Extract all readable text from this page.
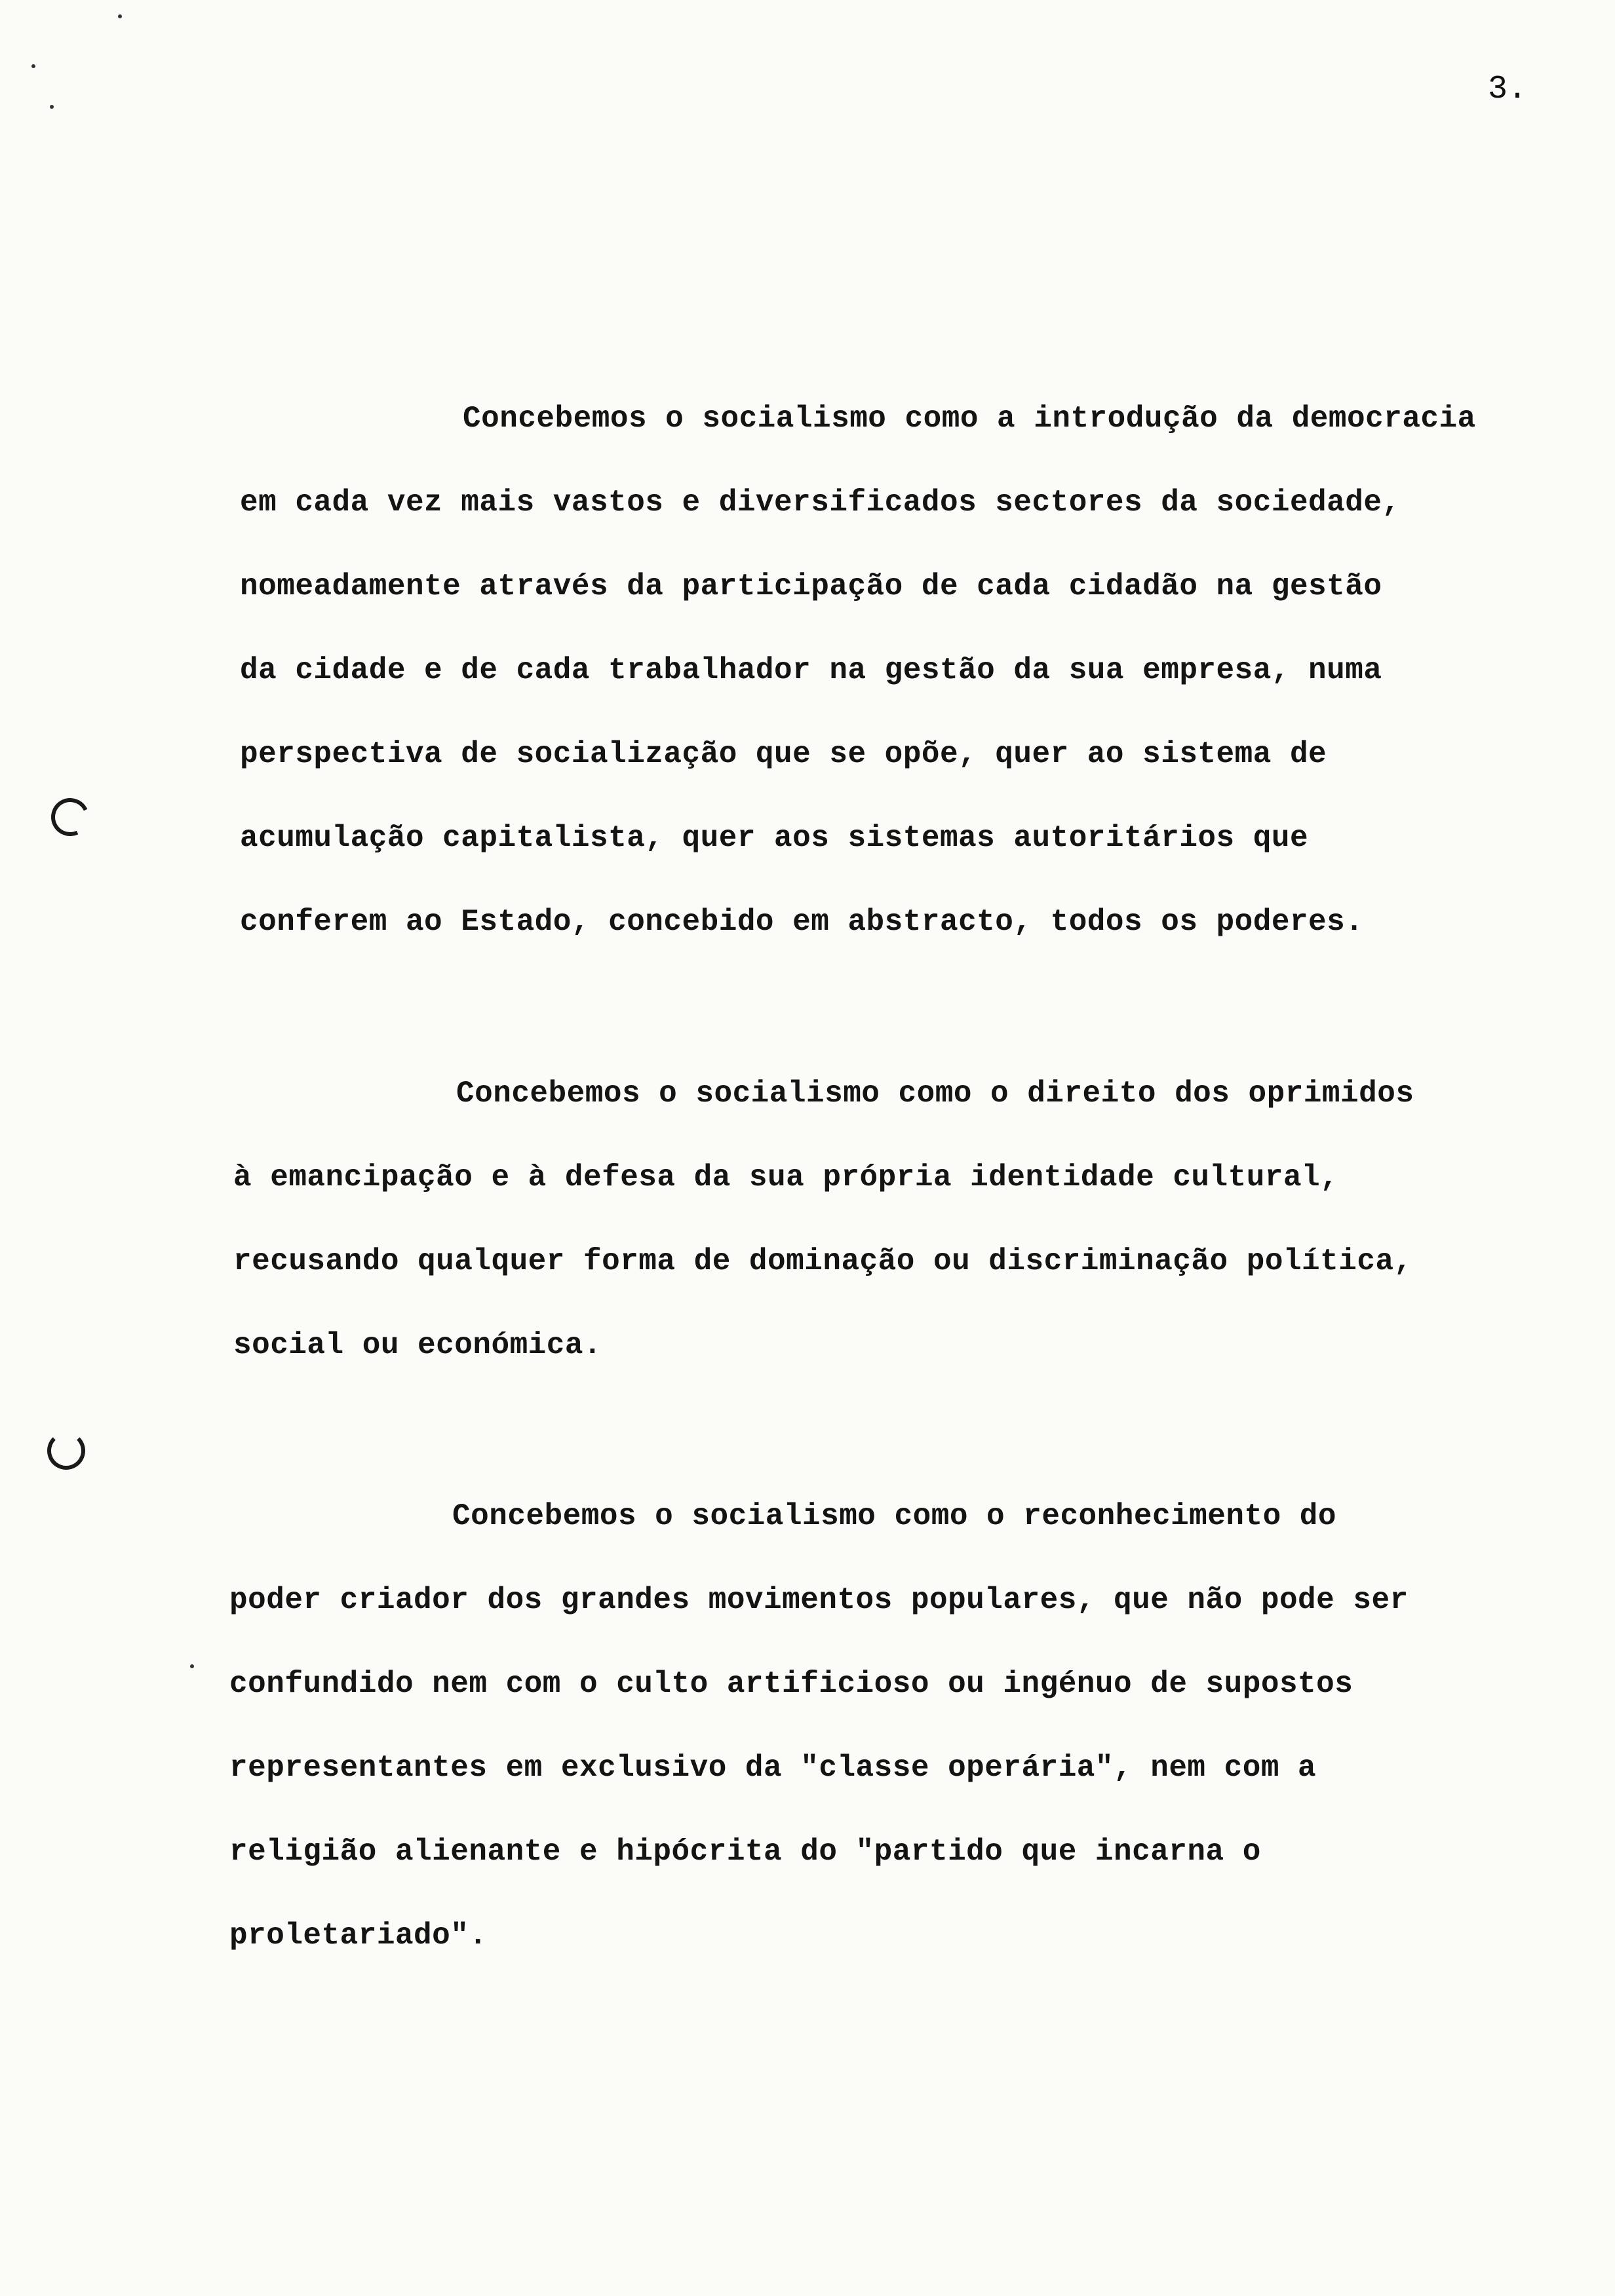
3.
Concebemos o socialismo como a introdução da democracia
em cada vez mais vastos e diversificados sectores da sociedade,
nomeadamente através da participação de cada cidadão na gestão
da cidade e de cada trabalhador na gestão da sua empresa, numa
perspectiva de socialização que se opõe, quer ao sistema de
acumulação capitalista, quer aos sistemas autoritários que
conferem ao Estado, concebido em abstracto, todos os poderes.
Concebemos o socialismo como o direito dos oprimidos
à emancipação e à defesa da sua própria identidade cultural,
recusando qualquer forma de dominação ou discriminação política,
social ou económica.
Concebemos o socialismo como o reconhecimento do
poder criador dos grandes movimentos populares, que não pode ser
confundido nem com o culto artificioso ou ingénuo de supostos
representantes em exclusivo da "classe operária", nem com a
religião alienante e hipócrita do "partido que incarna o
proletariado".
